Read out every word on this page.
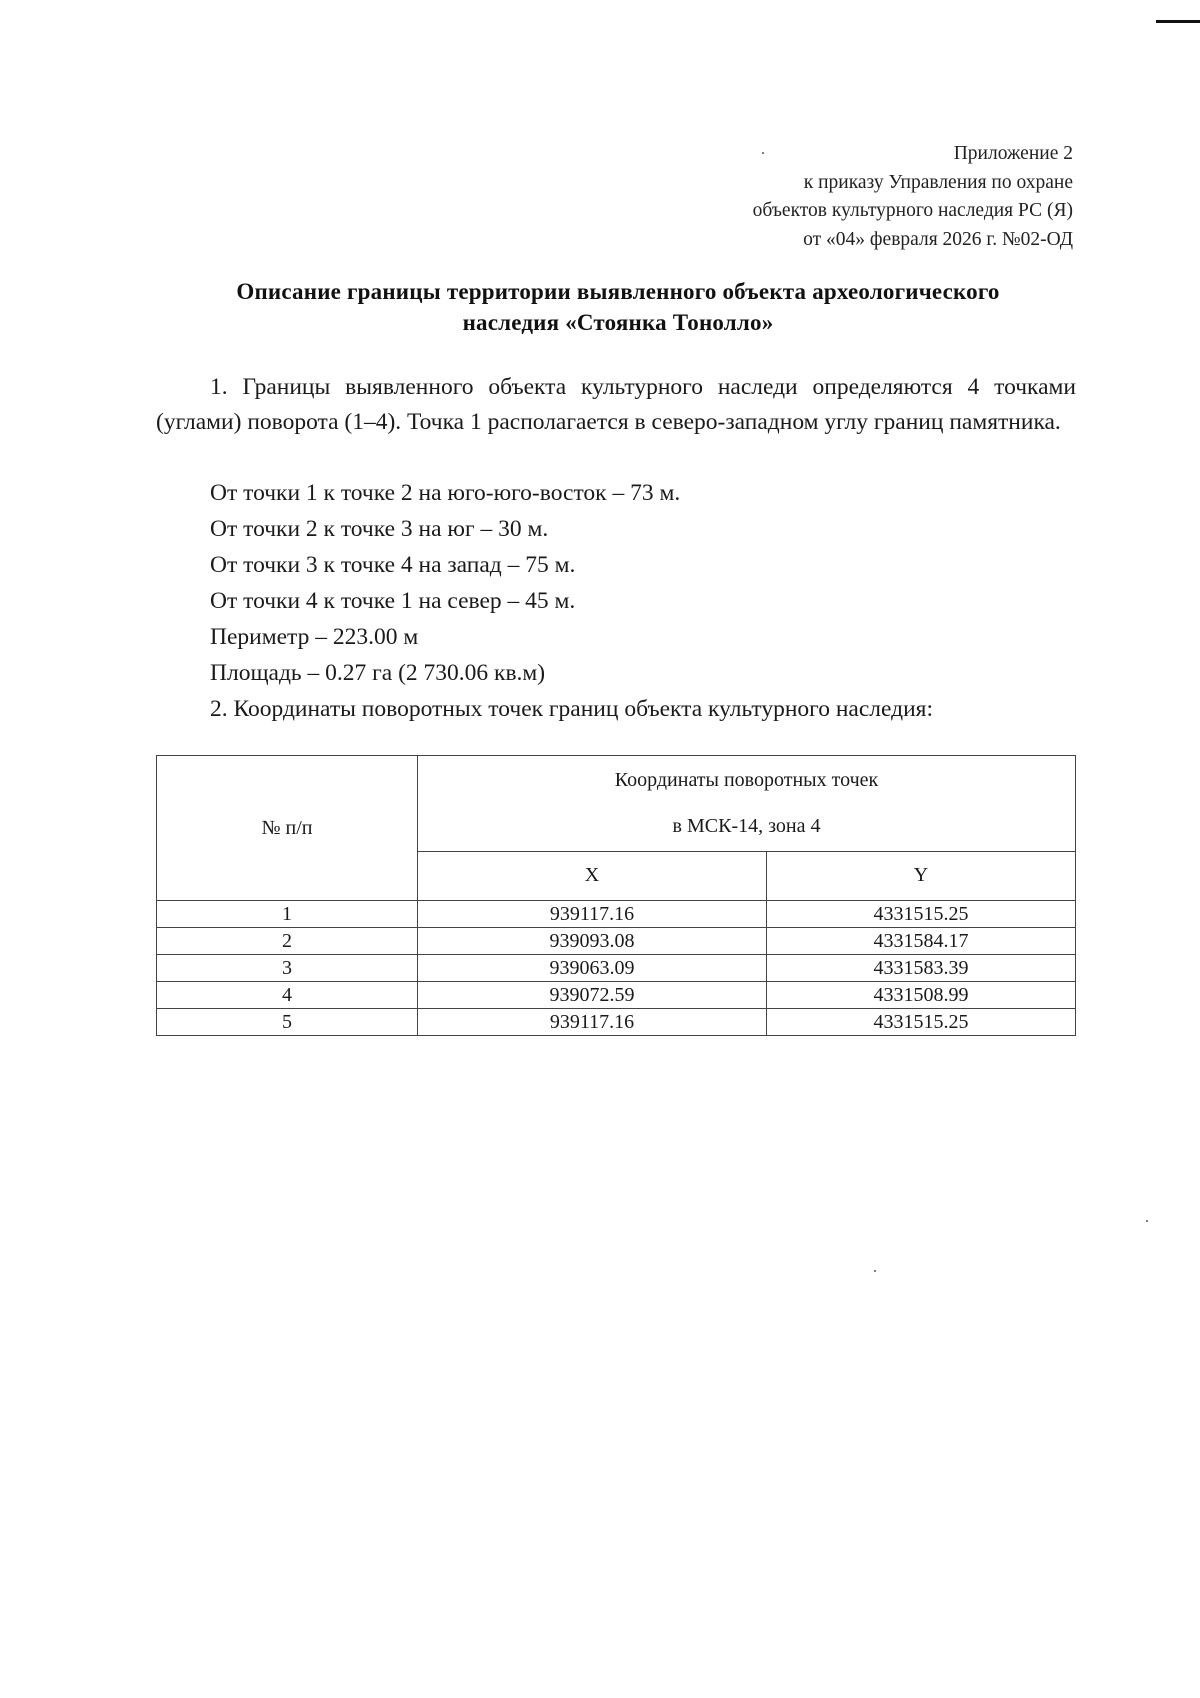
Приложение 2
к приказу Управления по охране
объектов культурного наследия РС (Я)
от «04» февраля 2026 г. №02-ОД
Описание границы территории выявленного объекта археологического
наследия «Стоянка Тонолло»
1. Границы выявленного объекта культурного наследи определяются 4 точками (углами) поворота (1–4). Точка 1 располагается в северо-западном углу границ памятника.
От точки 1 к точке 2 на юго-юго-восток – 73 м.
От точки 2 к точке 3 на юг – 30 м.
От точки 3 к точке 4 на запад – 75 м.
От точки 4 к точке 1 на север – 45 м.
Периметр – 223.00 м
Площадь – 0.27 га (2 730.06 кв.м)
2. Координаты поворотных точек границ объекта культурного наследия:
№ п/п	Координаты поворотных точек
в МСК-14, зона 4	

	X	Y
1	939117.16	4331515.25
2	939093.08	4331584.17
3	939063.09	4331583.39
4	939072.59	4331508.99
5	939117.16	4331515.25
